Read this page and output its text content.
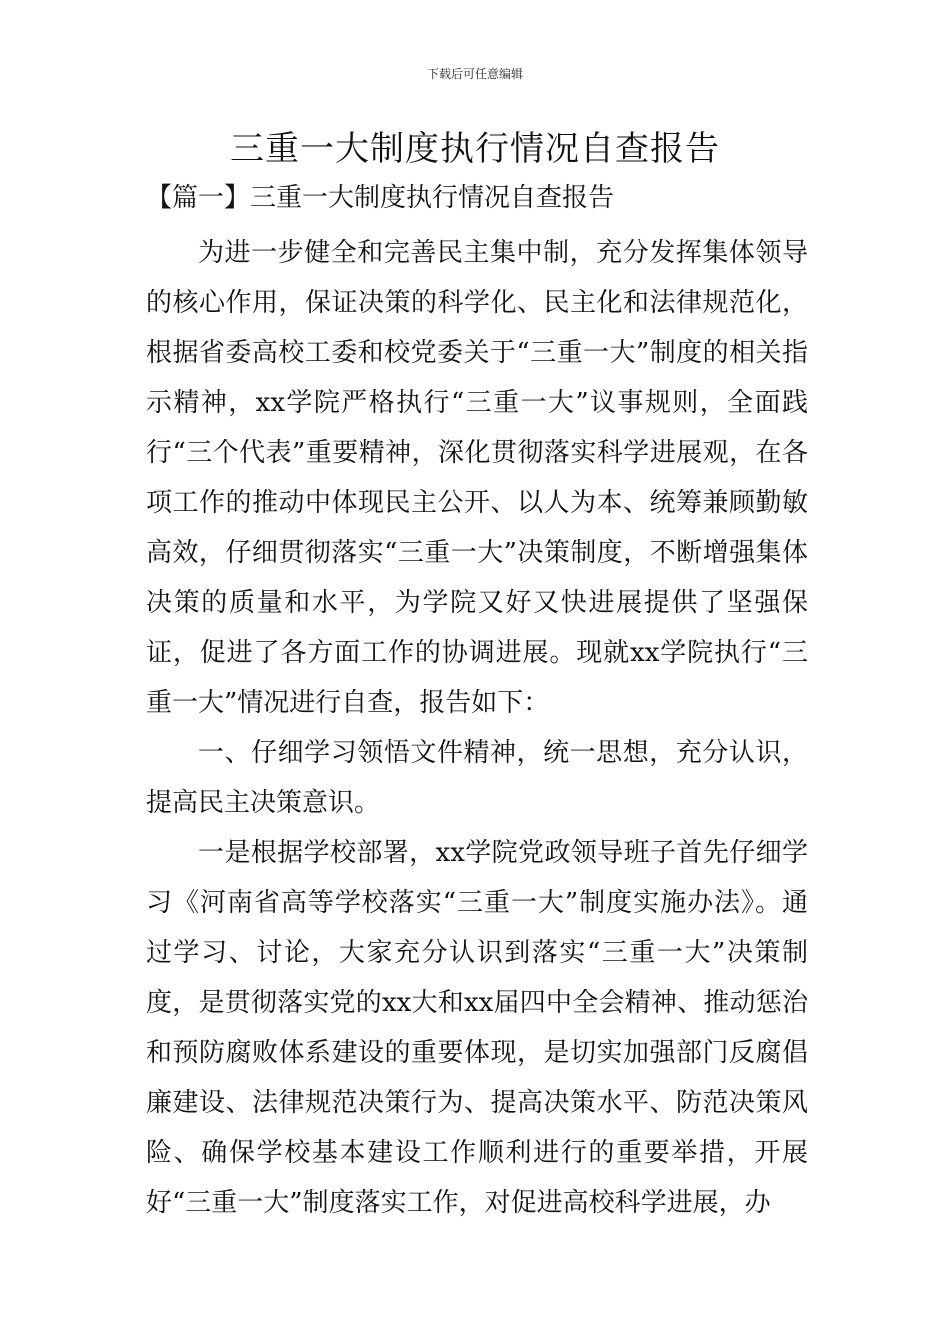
下载后可任意编辑
三重一大制度执行情况自查报告
【篇一】三重一大制度执行情况自查报告

为进一步健全和完善民主集中制，充分发挥集体领导的核心作用，保证决策的科学化、民主化和法律规范化，根据省委高校工委和校党委关于“三重一大”制度的相关指示精神，xx学院严格执行“三重一大”议事规则，全面践行“三个代表”重要精神，深化贯彻落实科学进展观，在各项工作的推动中体现民主公开、以人为本、统筹兼顾勤敏高效，仔细贯彻落实“三重一大”决策制度，不断增强集体决策的质量和水平，为学院又好又快进展提供了坚强保证，促进了各方面工作的协调进展。现就xx学院执行“三重一大”情况进行自查，报告如下：

一、仔细学习领悟文件精神，统一思想，充分认识，提高民主决策意识。

一是根据学校部署，xx学院党政领导班子首先仔细学习《河南省高等学校落实“三重一大”制度实施办法》。通过学习、讨论，大家充分认识到落实“三重一大”决策制度，是贯彻落实党的xx大和xx届四中全会精神、推动惩治和预防腐败体系建设的重要体现，是切实加强部门反腐倡廉建设、法律规范决策行为、提高决策水平、防范决策风险、确保学校基本建设工作顺利进行的重要举措，开展好“三重一大”制度落实工作，对促进高校科学进展，办
